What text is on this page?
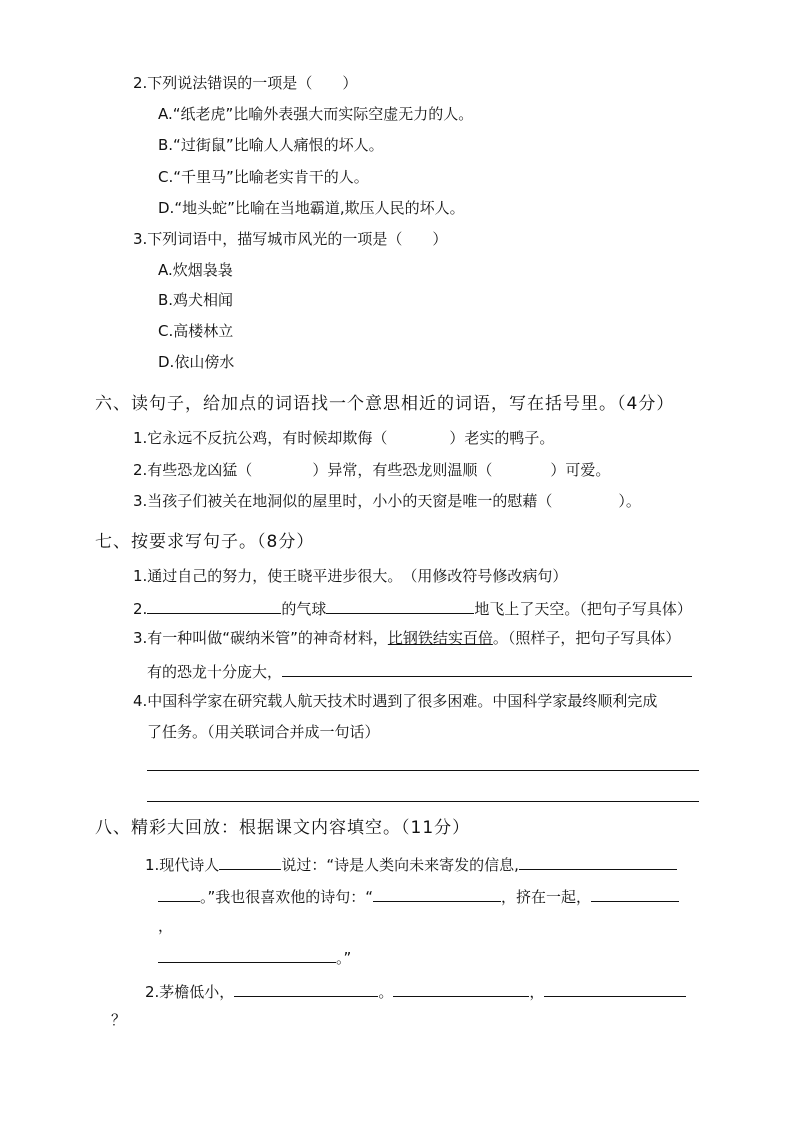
2.下列说法错误的一项是（　　）
A.“纸老虎”比喻外表强大而实际空虚无力的人。
B.“过街鼠”比喻人人痛恨的坏人。
C.“千里马”比喻老实肯干的人。
D.“地头蛇”比喻在当地霸道,欺压人民的坏人。
3.下列词语中，描写城市风光的一项是（　　）
A.炊烟袅袅
B.鸡犬相闻
C.高楼林立
D.依山傍水
六、读句子，给加点的词语找一个意思相近的词语，写在括号里。（4分）
1.它永远不反抗公鸡，有时候却欺侮（	）老实的鸭子。
2.有些恐龙凶猛（	）异常，有些恐龙则温顺（	）可爱。
3.当孩子们被关在地洞似的屋里时，小小的天窗是唯一的慰藉（	）。
七、按要求写句子。（8分）
1.通过自己的努力，使王晓平进步很大。　（用修改符号修改病句）
2.	的气球	地飞上了天空。（把句子写具体）
3.有一种叫做“碳纳米管”的神奇材料，比钢铁结实百倍。（照样子，把句子写具体）
有的恐龙十分庞大，
4.中国科学家在研究载人航天技术时遇到了很多困难。中国科学家最终顺利完成
了任务。（用关联词合并成一句话）
八、精彩大回放：根据课文内容填空。（11分）
1.现代诗人	说过：“诗是人类向未来寄发的信息,
。”我也很喜欢他的诗句：“	，挤在一起，
，
。”
2.茅檐低小，	。	，
？
